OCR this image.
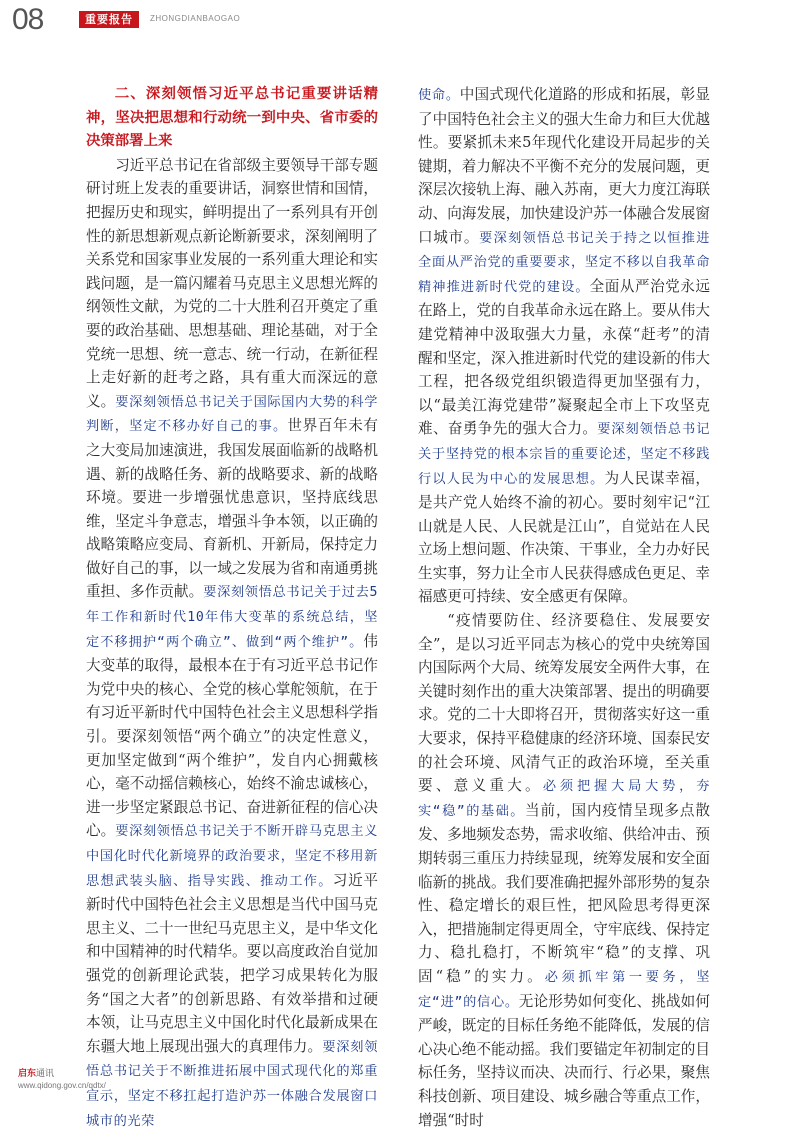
08	重要报告	ZHONGDIANBAOGAO

二、深刻领悟习近平总书记重要讲话精神，坚决把思想和行动统一到中央、省市委的决策部署上来

习近平总书记在省部级主要领导干部专题研讨班上发表的重要讲话，洞察世情和国情，把握历史和现实，鲜明提出了一系列具有开创性的新思想新观点新论断新要求，深刻阐明了关系党和国家事业发展的一系列重大理论和实践问题，是一篇闪耀着马克思主义思想光辉的纲领性文献，为党的二十大胜利召开奠定了重要的政治基础、思想基础、理论基础，对于全党统一思想、统一意志、统一行动，在新征程上走好新的赶考之路，具有重大而深远的意义。要深刻领悟总书记关于国际国内大势的科学判断，坚定不移办好自己的事。世界百年未有之大变局加速演进，我国发展面临新的战略机遇、新的战略任务、新的战略要求、新的战略环境。要进一步增强忧患意识，坚持底线思维，坚定斗争意志，增强斗争本领，以正确的战略策略应变局、育新机、开新局，保持定力做好自己的事，以一域之发展为省和南通勇挑重担、多作贡献。要深刻领悟总书记关于过去5年工作和新时代10年伟大变革的系统总结，坚定不移拥护“两个确立”、做到“两个维护”。伟大变革的取得，最根本在于有习近平总书记作为党中央的核心、全党的核心掌舵领航，在于有习近平新时代中国特色社会主义思想科学指引。要深刻领悟“两个确立”的决定性意义，更加坚定做到“两个维护”，发自内心拥戴核心，毫不动摇信赖核心，始终不渝忠诚核心，进一步坚定紧跟总书记、奋进新征程的信心决心。要深刻领悟总书记关于不断开辟马克思主义中国化时代化新境界的政治要求，坚定不移用新思想武装头脑、指导实践、推动工作。习近平新时代中国特色社会主义思想是当代中国马克思主义、二十一世纪马克思主义，是中华文化和中国精神的时代精华。要以高度政治自觉加强党的创新理论武装，把学习成果转化为服务“国之大者”的创新思路、有效举措和过硬本领，让马克思主义中国化时代化最新成果在东疆大地上展现出强大的真理伟力。要深刻领悟总书记关于不断推进拓展中国式现代化的郑重宣示，坚定不移扛起打造沪苏一体融合发展窗口城市的光荣

使命。中国式现代化道路的形成和拓展，彰显了中国特色社会主义的强大生命力和巨大优越性。要紧抓未来5年现代化建设开局起步的关键期，着力解决不平衡不充分的发展问题，更深层次接轨上海、融入苏南，更大力度江海联动、向海发展，加快建设沪苏一体融合发展窗口城市。要深刻领悟总书记关于持之以恒推进全面从严治党的重要要求，坚定不移以自我革命精神推进新时代党的建设。全面从严治党永远在路上，党的自我革命永远在路上。要从伟大建党精神中汲取强大力量，永葆“赶考”的清醒和坚定，深入推进新时代党的建设新的伟大工程，把各级党组织锻造得更加坚强有力，以“最美江海党建带”凝聚起全市上下攻坚克难、奋勇争先的强大合力。要深刻领悟总书记关于坚持党的根本宗旨的重要论述，坚定不移践行以人民为中心的发展思想。为人民谋幸福，是共产党人始终不渝的初心。要时刻牢记“江山就是人民、人民就是江山”，自觉站在人民立场上想问题、作决策、干事业，全力办好民生实事，努力让全市人民获得感成色更足、幸福感更可持续、安全感更有保障。

“疫情要防住、经济要稳住、发展要安全”，是以习近平同志为核心的党中央统筹国内国际两个大局、统筹发展安全两件大事，在关键时刻作出的重大决策部署、提出的明确要求。党的二十大即将召开，贯彻落实好这一重大要求，保持平稳健康的经济环境、国泰民安的社会环境、风清气正的政治环境，至关重要、意义重大。必须把握大局大势，夯实“稳”的基础。当前，国内疫情呈现多点散发、多地频发态势，需求收缩、供给冲击、预期转弱三重压力持续显现，统筹发展和安全面临新的挑战。我们要准确把握外部形势的复杂性、稳定增长的艰巨性，把风险思考得更深入，把措施制定得更周全，守牢底线、保持定力、稳扎稳打，不断筑牢“稳”的支撑、巩固“稳”的实力。必须抓牢第一要务，坚定“进”的信心。无论形势如何变化、挑战如何严峻，既定的目标任务绝不能降低，发展的信心决心绝不能动摇。我们要锚定年初制定的目标任务，坚持议而决、决而行、行必果，聚焦科技创新、项目建设、城乡融合等重点工作，增强“时时

启东通讯
www.qidong.gov.cn/qdtx/
